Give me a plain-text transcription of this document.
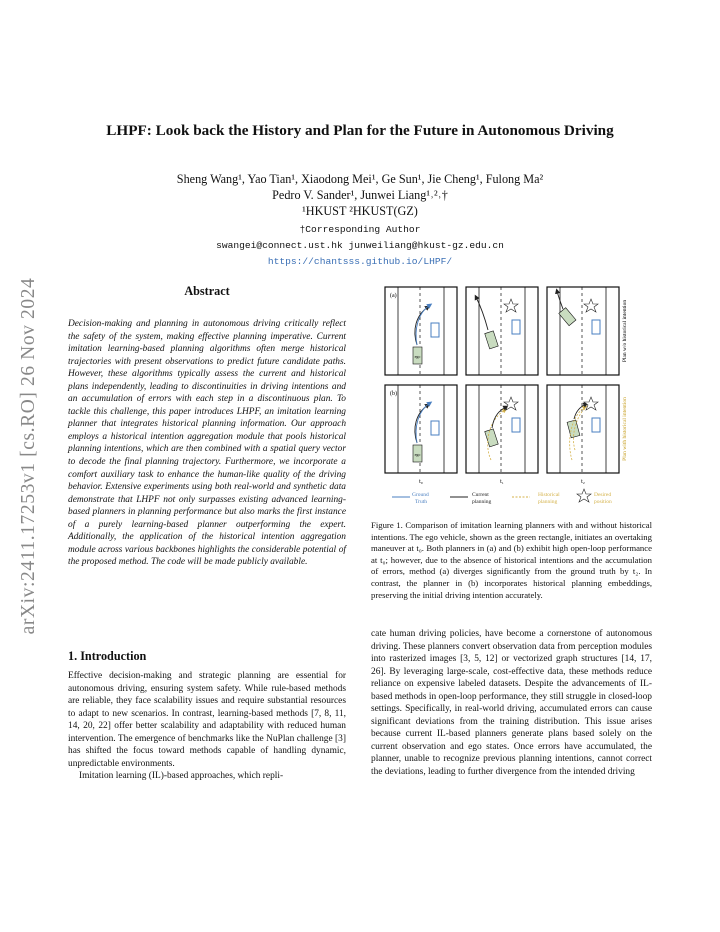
arXiv:2411.17253v1 [cs.RO] 26 Nov 2024
LHPF: Look back the History and Plan for the Future in Autonomous Driving
Sheng Wang¹, Yao Tian¹, Xiaodong Mei¹, Ge Sun¹, Jie Cheng¹, Fulong Ma²
Pedro V. Sander¹, Junwei Liang¹˒²˒†
¹HKUST ²HKUST(GZ)
†Corresponding Author
swangei@connect.ust.hk junweiliang@hkust-gz.edu.cn
https://chantsss.github.io/LHPF/
Abstract
Decision-making and planning in autonomous driving critically reflect the safety of the system, making effective planning imperative. Current imitation learning-based planning algorithms often merge historical trajectories with present observations to predict future candidate paths. However, these algorithms typically assess the current and historical plans independently, leading to discontinuities in driving intentions and an accumulation of errors with each step in a discontinuous plan. To tackle this challenge, this paper introduces LHPF, an imitation learning planner that integrates historical planning information. Our approach employs a historical intention aggregation module that pools historical planning intentions, which are then combined with a spatial query vector to decode the final planning trajectory. Furthermore, we incorporate a comfort auxiliary task to enhance the human-like quality of the driving behavior. Extensive experiments using both real-world and synthetic data demonstrate that LHPF not only surpasses existing advanced learning-based planners in planning performance but also marks the first instance of a purely learning-based planner outperforming the expert. Additionally, the application of the historical intention aggregation module across various backbones highlights the considerable potential of the proposed method. The code will be made publicly available.
1. Introduction

Effective decision-making and strategic planning are essential for autonomous driving, ensuring system safety. While rule-based methods are reliable, they face scalability issues and require substantial resources to adapt to new scenarios. In contrast, learning-based methods [7, 8, 11, 14, 20, 22] offer better scalability and adaptability with reduced human intervention. The emergence of benchmarks like the NuPlan challenge [3] has shifted the focus toward methods capable of handling dynamic, unpredictable environments.

Imitation learning (IL)-based approaches, which repli-

ego
(a)
Plan w/o historical intention
ego
(b)
Plan with historical intention
t₀	t₁	t₂
Ground
Truth
Current
planning
Historical
planning
Desired
position
Figure 1. Comparison of imitation learning planners with and without historical intentions. The ego vehicle, shown as the green rectangle, initiates an overtaking maneuver at t₀. Both planners in (a) and (b) exhibit high open-loop performance at t₀; however, due to the absence of historical intentions and the accumulation of errors, method (a) diverges significantly from the ground truth by t₂. In contrast, the planner in (b) incorporates historical planning embeddings, preserving the initial driving intention accurately.
cate human driving policies, have become a cornerstone of autonomous driving. These planners convert observation data from perception modules into rasterized images [3, 5, 12] or vectorized graph structures [14, 17, 26]. By leveraging large-scale, cost-effective data, these methods reduce reliance on expensive labeled datasets. Despite the advancements of IL-based methods in open-loop performance, they still struggle in closed-loop settings. Specifically, in real-world driving, accumulated errors can cause significant deviations from the training distribution. This issue arises because current IL-based planners generate plans based solely on the current observation and ego states. Once errors have accumulated, the planner, unable to recognize previous planning intentions, cannot correct the deviations, leading to further divergence from the intended driving
